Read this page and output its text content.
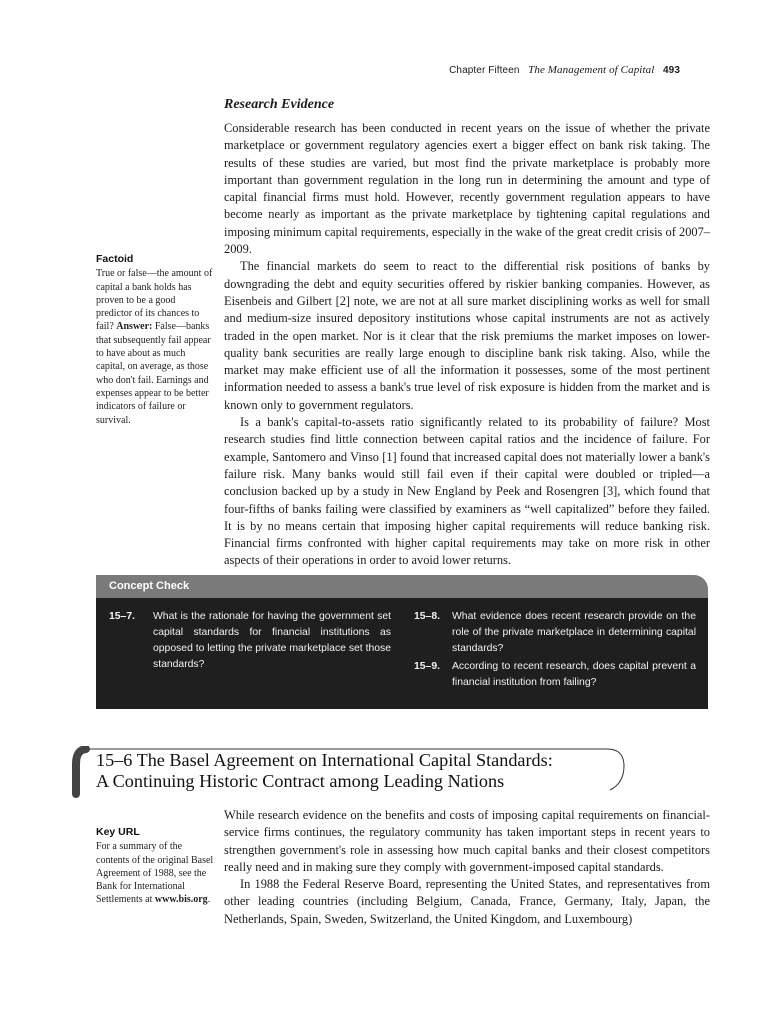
Chapter Fifteen The Management of Capital 493
Research Evidence

Considerable research has been conducted in recent years on the issue of whether the private marketplace or government regulatory agencies exert a bigger effect on bank risk taking. The results of these studies are varied, but most find the private marketplace is probably more important than government regulation in the long run in determining the amount and type of capital financial firms must hold. However, recently government regulation appears to have become nearly as important as the private marketplace by tightening capital regulations and imposing minimum capital requirements, especially in the wake of the great credit crisis of 2007–2009.

The financial markets do seem to react to the differential risk positions of banks by downgrading the debt and equity securities offered by riskier banking companies. However, as Eisenbeis and Gilbert [2] note, we are not at all sure market disciplining works as well for small and medium-size insured depository institutions whose capital instruments are not as actively traded in the open market. Nor is it clear that the risk premiums the market imposes on lower-quality bank securities are really large enough to discipline bank risk taking. Also, while the market may make efficient use of all the information it possesses, some of the most pertinent information needed to assess a bank's true level of risk exposure is hidden from the market and is known only to government regulators.

Is a bank's capital-to-assets ratio significantly related to its probability of failure? Most research studies find little connection between capital ratios and the incidence of failure. For example, Santomero and Vinso [1] found that increased capital does not materially lower a bank's failure risk. Many banks would still fail even if their capital were doubled or tripled—a conclusion backed up by a study in New England by Peek and Rosengren [3], which found that four-fifths of banks failing were classified by examiners as “well capitalized” before they failed. It is by no means certain that imposing higher capital requirements will reduce banking risk. Financial firms confronted with higher capital requirements may take on more risk in other aspects of their operations in order to avoid lower returns.

Factoid
True or false—the amount of capital a bank holds has proven to be a good predictor of its chances to fail? Answer: False—banks that subsequently fail appear to have about as much capital, on average, as those who don't fail. Earnings and expenses appear to be better indicators of failure or survival.
Concept Check
15–7. What is the rationale for having the government set capital standards for financial institutions as opposed to letting the private marketplace set those standards?
15–8. What evidence does recent research provide on the role of the private marketplace in determining capital standards?
15–9. According to recent research, does capital prevent a financial institution from failing?
15–6 The Basel Agreement on International Capital Standards:
A Continuing Historic Contract among Leading Nations

While research evidence on the benefits and costs of imposing capital requirements on financial-service firms continues, the regulatory community has taken important steps in recent years to strengthen government's role in assessing how much capital banks and their closest competitors really need and in making sure they comply with government-imposed capital standards.

In 1988 the Federal Reserve Board, representing the United States, and representatives from other leading countries (including Belgium, Canada, France, Germany, Italy, Japan, the Netherlands, Spain, Sweden, Switzerland, the United Kingdom, and Luxembourg)

Key URL
For a summary of the contents of the original Basel Agreement of 1988, see the Bank for International Settlements at www.bis.org.
